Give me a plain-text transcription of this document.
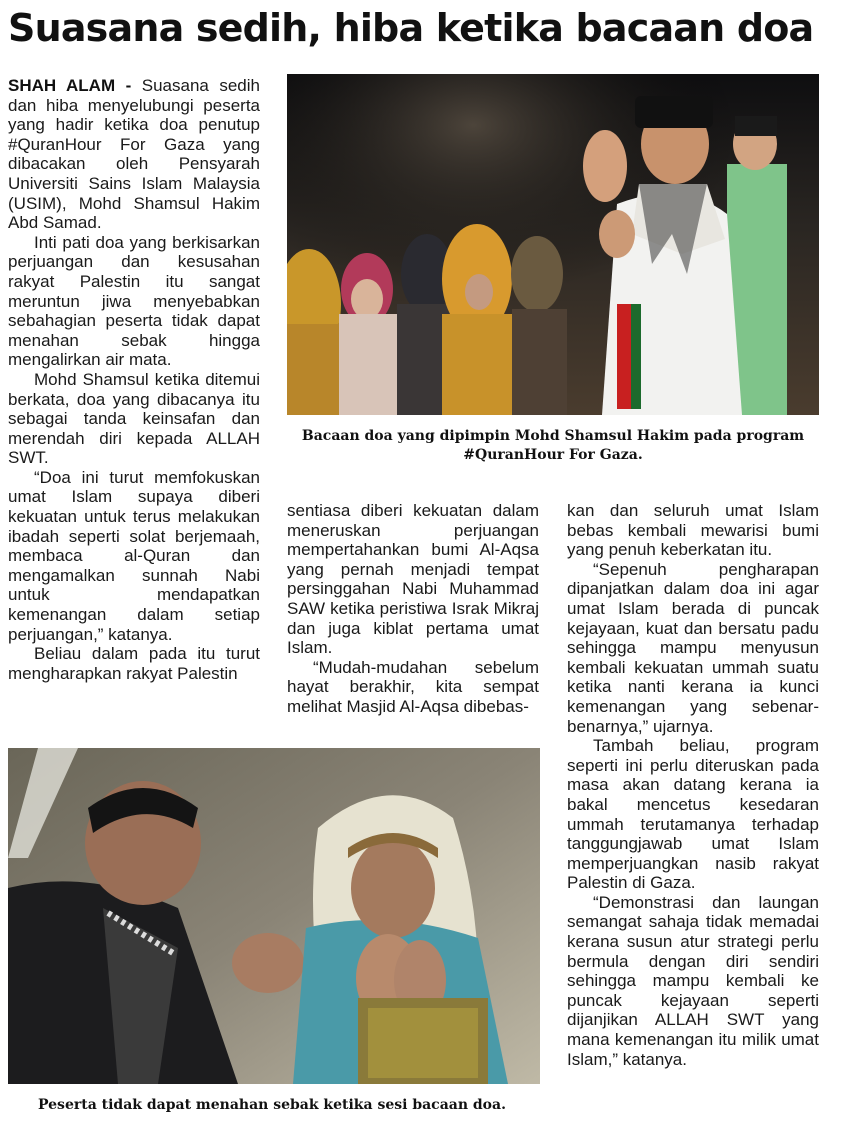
Suasana sedih, hiba ketika bacaan doa

SHAH ALAM - Suasana sedih dan hiba menyelubungi peserta yang hadir ketika doa penutup #QuranHour For Gaza yang dibacakan oleh Pensyarah Universiti Sains Islam Malaysia (USIM), Mohd Shamsul Hakim Abd Samad.

Inti pati doa yang berkisarkan perjuangan dan kesusahan rakyat Palestin itu sangat meruntun jiwa menyebabkan sebahagian peserta tidak dapat menahan sebak hingga mengalirkan air mata.

Mohd Shamsul ketika ditemui berkata, doa yang dibacanya itu sebagai tanda keinsafan dan merendah diri kepada ALLAH SWT.

“Doa ini turut memfokuskan umat Islam supaya diberi kekuatan untuk terus melakukan ibadah seperti solat berjemaah, membaca al-Quran dan mengamalkan sunnah Nabi untuk mendapatkan kemenangan dalam setiap perjuangan,” katanya.

Beliau dalam pada itu turut mengharapkan rakyat Palestin

Bacaan doa yang dipimpin Mohd Shamsul Hakim pada program #QuranHour For Gaza.

sentiasa diberi kekuatan dalam meneruskan perjuangan mempertahankan bumi Al-Aqsa yang pernah menjadi tempat persinggahan Nabi Muhammad SAW ketika peristiwa Israk Mikraj dan juga kiblat pertama umat Islam.

“Mudah-mudahan sebelum hayat berakhir, kita sempat melihat Masjid Al-Aqsa dibebas-

kan dan seluruh umat Islam bebas kembali mewarisi bumi yang penuh keberkatan itu.

“Sepenuh pengharapan dipanjatkan dalam doa ini agar umat Islam berada di puncak kejayaan, kuat dan bersatu padu sehingga mampu menyusun kembali kekuatan ummah suatu ketika nanti kerana ia kunci kemenangan yang sebenar-benarnya,” ujarnya.

Tambah beliau, program seperti ini perlu diteruskan pada masa akan datang kerana ia bakal mencetus kesedaran ummah terutamanya terhadap tanggungjawab umat Islam memperjuangkan nasib rakyat Palestin di Gaza.

“Demonstrasi dan laungan semangat sahaja tidak memadai kerana susun atur strategi perlu bermula dengan diri sendiri sehingga mampu kembali ke puncak kejayaan seperti dijanjikan ALLAH SWT yang mana kemenangan itu milik umat Islam,” katanya.

Peserta tidak dapat menahan sebak ketika sesi bacaan doa.
